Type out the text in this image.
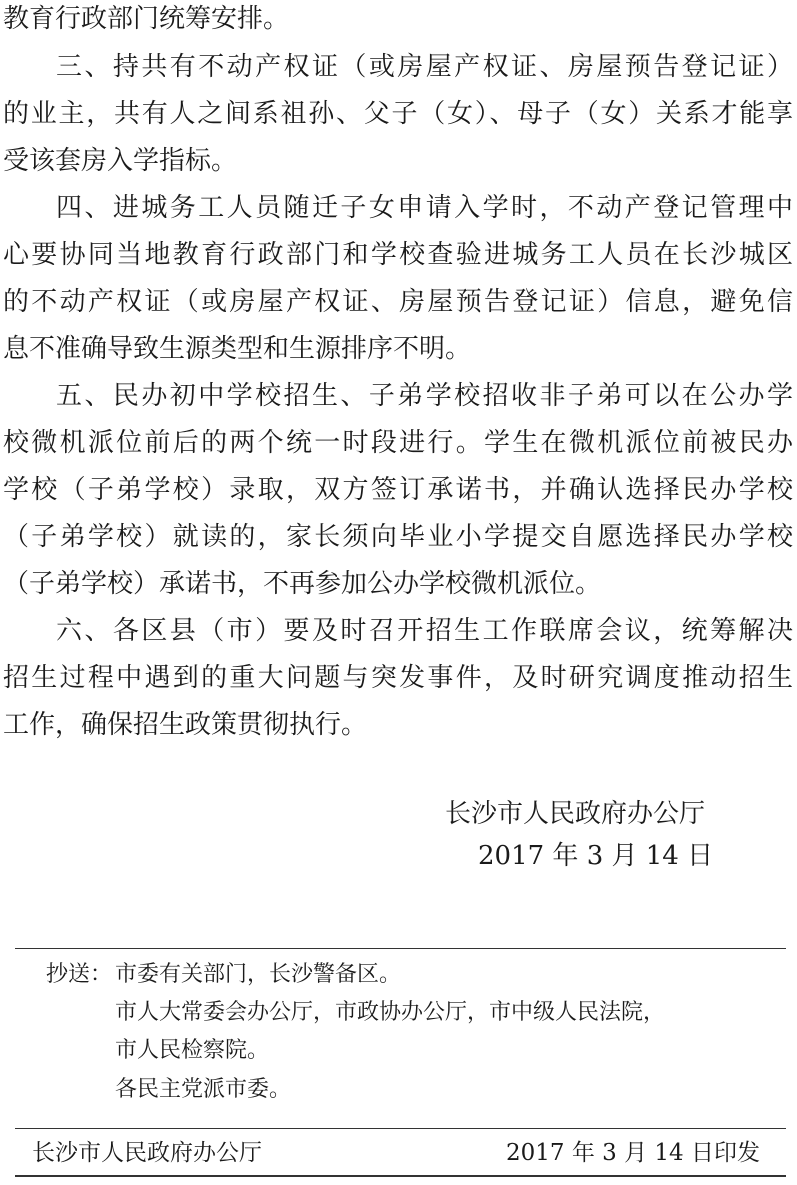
教育行政部门统筹安排。

三、持共有不动产权证（或房屋产权证、房屋预告登记证）

的业主，共有人之间系祖孙、父子（女）、母子（女）关系才能享

受该套房入学指标。

四、进城务工人员随迁子女申请入学时，不动产登记管理中

心要协同当地教育行政部门和学校查验进城务工人员在长沙城区

的不动产权证（或房屋产权证、房屋预告登记证）信息，避免信

息不准确导致生源类型和生源排序不明。

五、民办初中学校招生、子弟学校招收非子弟可以在公办学

校微机派位前后的两个统一时段进行。学生在微机派位前被民办

学校（子弟学校）录取，双方签订承诺书，并确认选择民办学校

（子弟学校）就读的，家长须向毕业小学提交自愿选择民办学校

（子弟学校）承诺书，不再参加公办学校微机派位。

六、各区县（市）要及时召开招生工作联席会议，统筹解决

招生过程中遇到的重大问题与突发事件，及时研究调度推动招生

工作，确保招生政策贯彻执行。

长沙市人民政府办公厅

2017 年 3 月 14 日

抄送： 市委有关部门，长沙警备区。

市人大常委会办公厅，市政协办公厅，市中级人民法院，

市人民检察院。

各民主党派市委。

长沙市人民政府办公厅	2017 年 3 月 14 日印发
